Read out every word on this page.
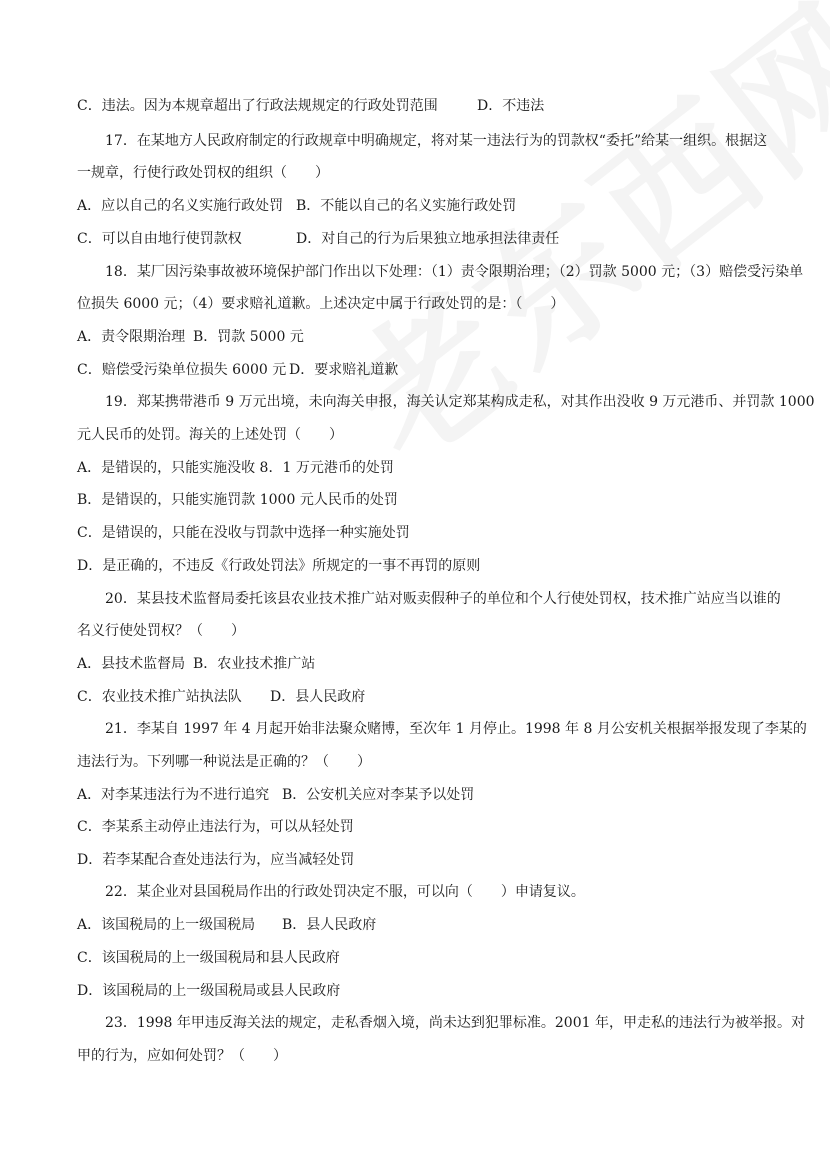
C．违法。因为本规章超出了行政法规规定的行政处罚范围	D．不违法
17．在某地方人民政府制定的行政规章中明确规定，将对某一违法行为的罚款权“委托”给某一组织。根据这
一规章，行使行政处罚权的组织（　　）
A．应以自己的名义实施行政处罚 B．不能以自己的名义实施行政处罚
C．可以自由地行使罚款权	D．对自己的行为后果独立地承担法律责任
18．某厂因污染事故被环境保护部门作出以下处理：（1）责令限期治理；（2）罚款 5000 元；（3）赔偿受污染单
位损失 6000 元；（4）要求赔礼道歉。上述决定中属于行政处罚的是：（　　）
A．责令限期治理 B．罚款 5000 元
C．赔偿受污染单位损失 6000 元 D．要求赔礼道歉
19．郑某携带港币 9 万元出境，未向海关申报，海关认定郑某构成走私，对其作出没收 9 万元港币、并罚款 1000
元人民币的处罚。海关的上述处罚（　　）
A．是错误的，只能实施没收 8．1 万元港币的处罚
B．是错误的，只能实施罚款 1000 元人民币的处罚
C．是错误的，只能在没收与罚款中选择一种实施处罚
D．是正确的，不违反《行政处罚法》所规定的一事不再罚的原则
20．某县技术监督局委托该县农业技术推广站对贩卖假种子的单位和个人行使处罚权，技术推广站应当以谁的
名义行使处罚权？（　　）
A．县技术监督局 B．农业技术推广站
C．农业技术推广站执法队 D．县人民政府
21．李某自 1997 年 4 月起开始非法聚众赌博，至次年 1 月停止。1998 年 8 月公安机关根据举报发现了李某的
违法行为。下列哪一种说法是正确的？（　　）
A．对李某违法行为不进行追究 B．公安机关应对李某予以处罚
C．李某系主动停止违法行为，可以从轻处罚
D．若李某配合查处违法行为，应当减轻处罚
22．某企业对县国税局作出的行政处罚决定不服，可以向（　　）申请复议。
A．该国税局的上一级国税局 B．县人民政府
C．该国税局的上一级国税局和县人民政府
D．该国税局的上一级国税局或县人民政府
23．1998 年甲违反海关法的规定，走私香烟入境，尚未达到犯罪标准。2001 年，甲走私的违法行为被举报。对
甲的行为，应如何处罚？（　　）
